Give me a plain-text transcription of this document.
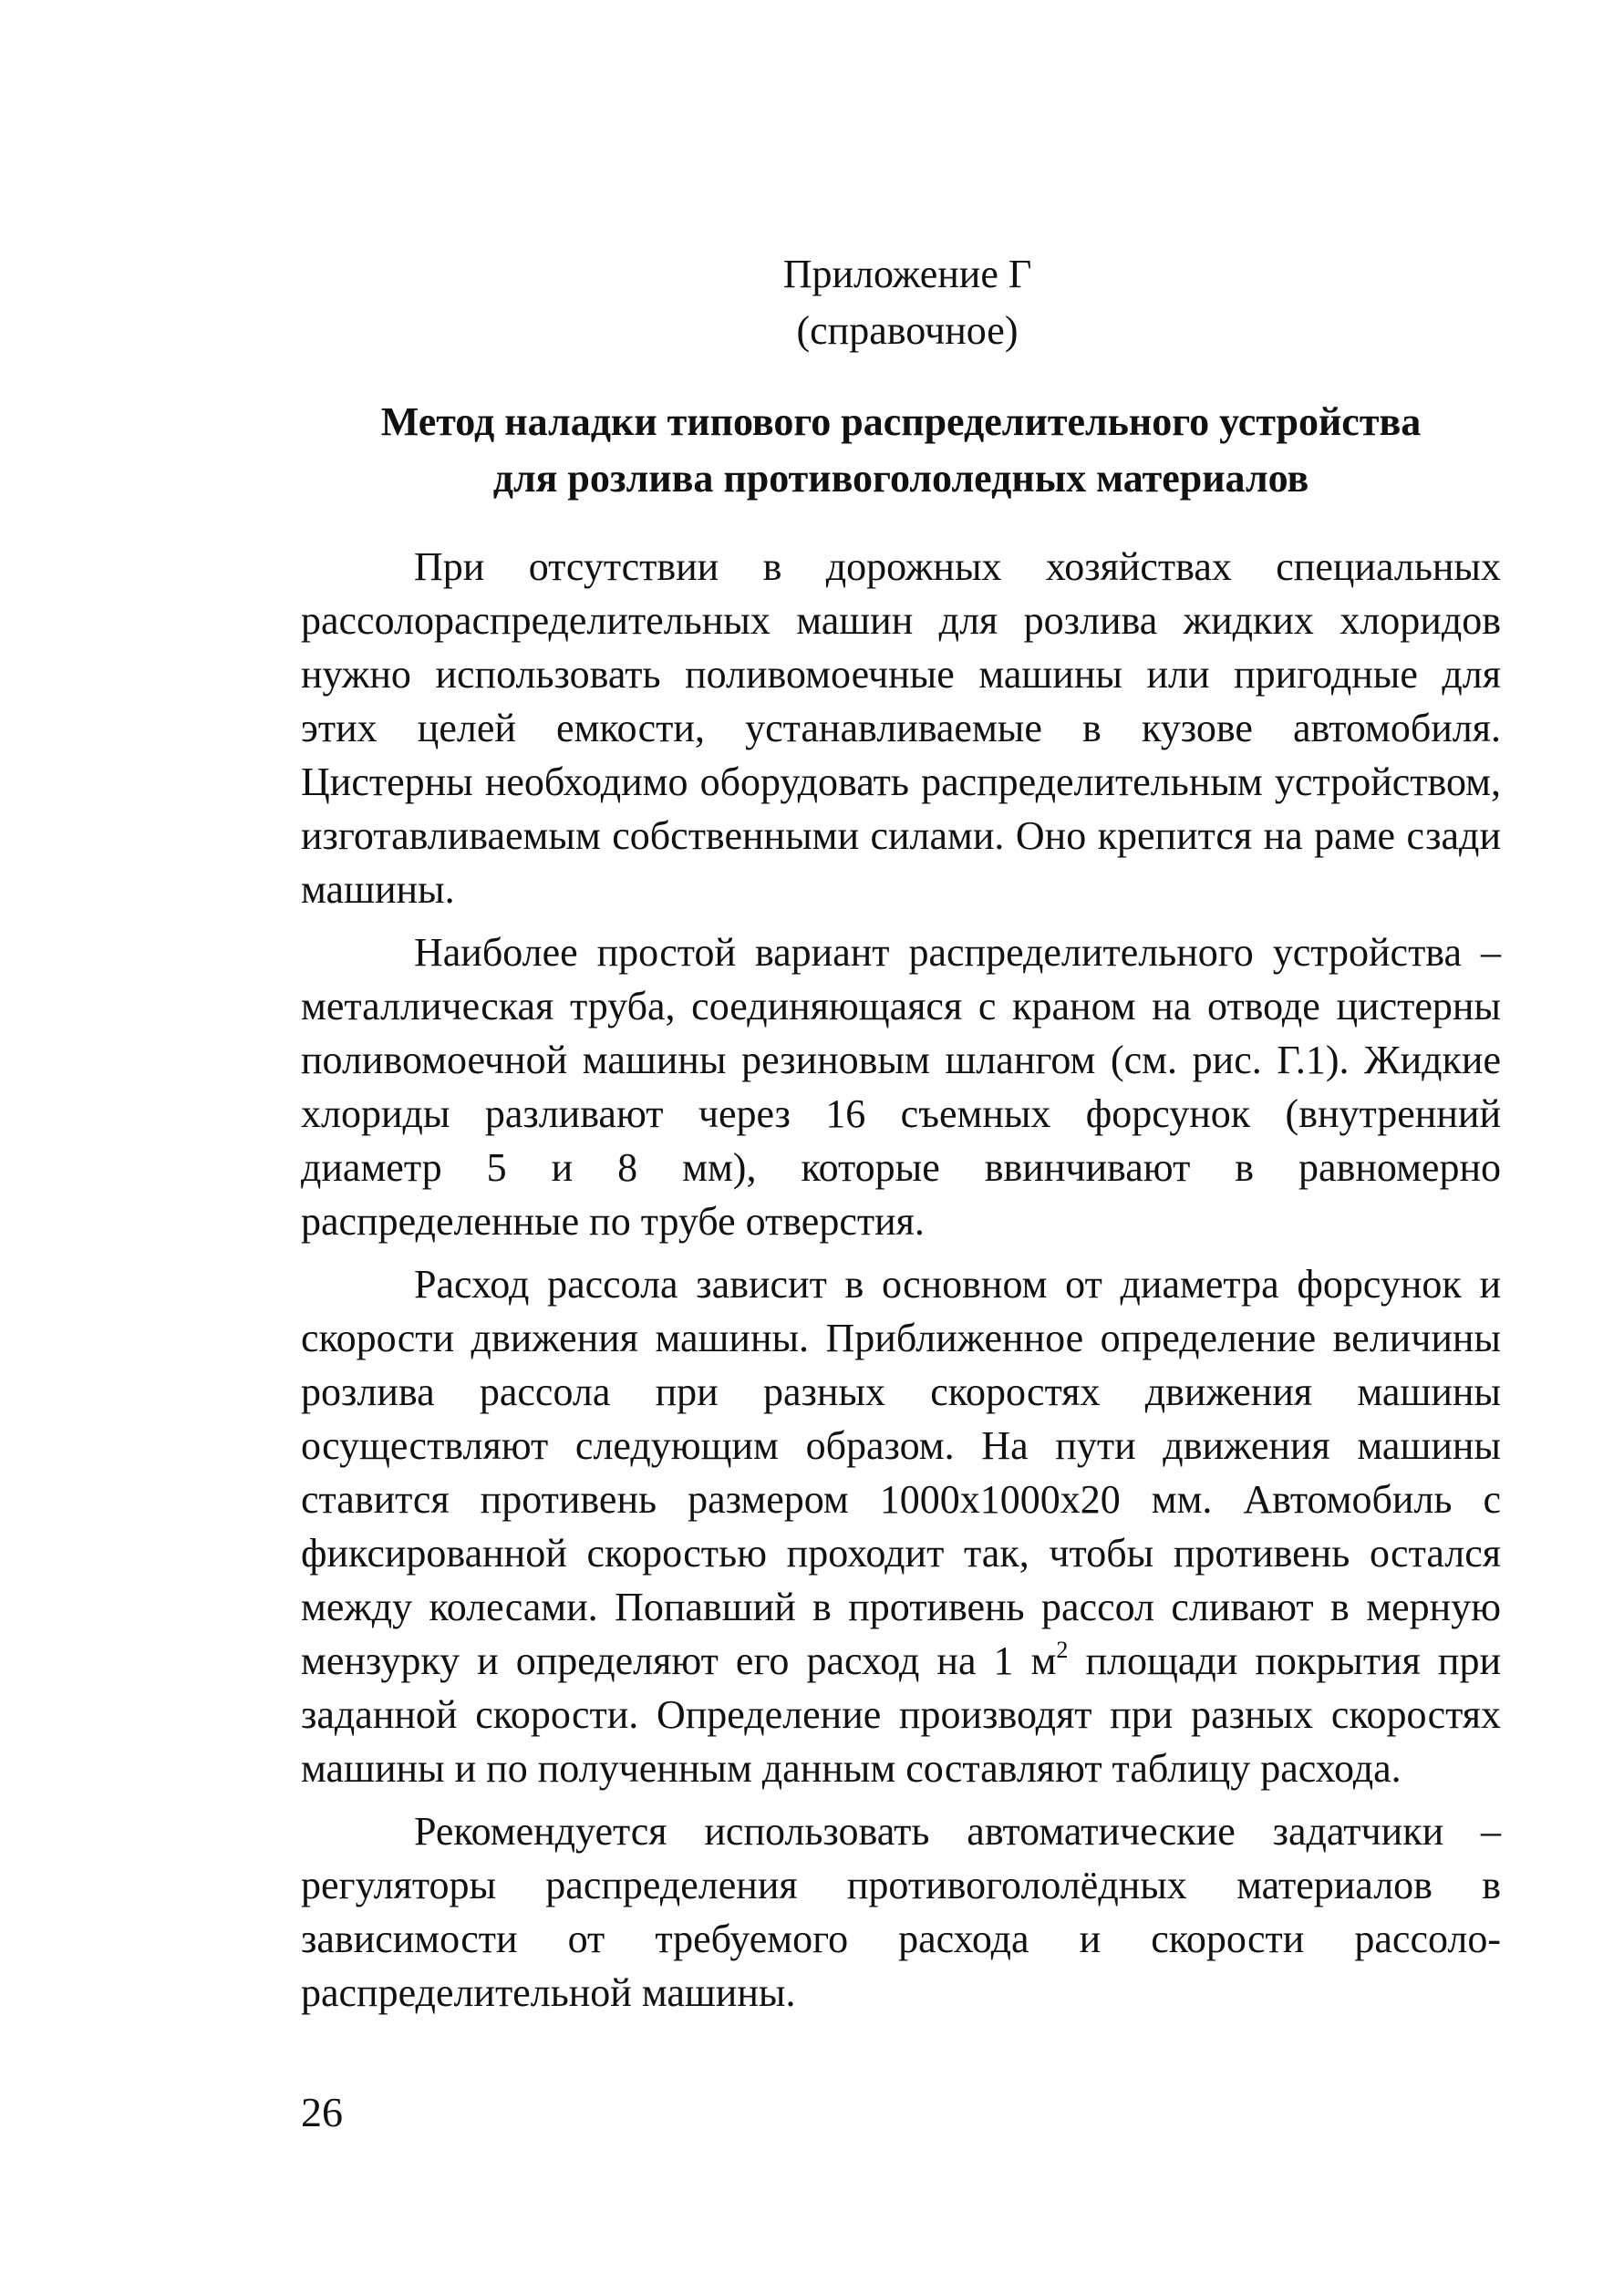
Приложение Г
(справочное)
Метод наладки типового распределительного устройства
для розлива противогололедных материалов

При отсутствии в дорожных хозяйствах специальных рассолораспределительных машин для розлива жидких хлоридов нужно использовать поливомоечные машины или пригодные для этих целей емкости, устанавливаемые в кузове автомобиля. Цистерны необходимо оборудовать распределительным устройством, изготавливаемым собственными силами. Оно крепится на раме сзади машины.

Наиболее простой вариант распределительного устройства – металлическая труба, соединяющаяся с краном на отводе цистерны поливомоечной машины резиновым шлангом (см. рис. Г.1). Жидкие хлориды разливают через 16 съемных форсунок (внутренний диаметр 5 и 8 мм), которые ввинчивают в равномерно распределенные по трубе отверстия.

Расход рассола зависит в основном от диаметра форсунок и скорости движения машины. Приближенное определение величины розлива рассола при разных скоростях движения машины осуществляют следующим образом. На пути движения машины ставится противень размером 1000х1000х20 мм. Автомобиль с фиксированной скоростью проходит так, чтобы противень остался между колесами. Попавший в противень рассол сливают в мерную мензурку и определяют его расход на 1 $м^2$ площади покрытия при заданной скорости. Определение производят при разных скоростях машины и по полученным данным составляют таблицу расхода.

Рекомендуется использовать автоматические задатчики – регуляторы распределения противогололёдных материалов в зависимости от требуемого расхода и скорости рассоло-распределительной машины.

26
